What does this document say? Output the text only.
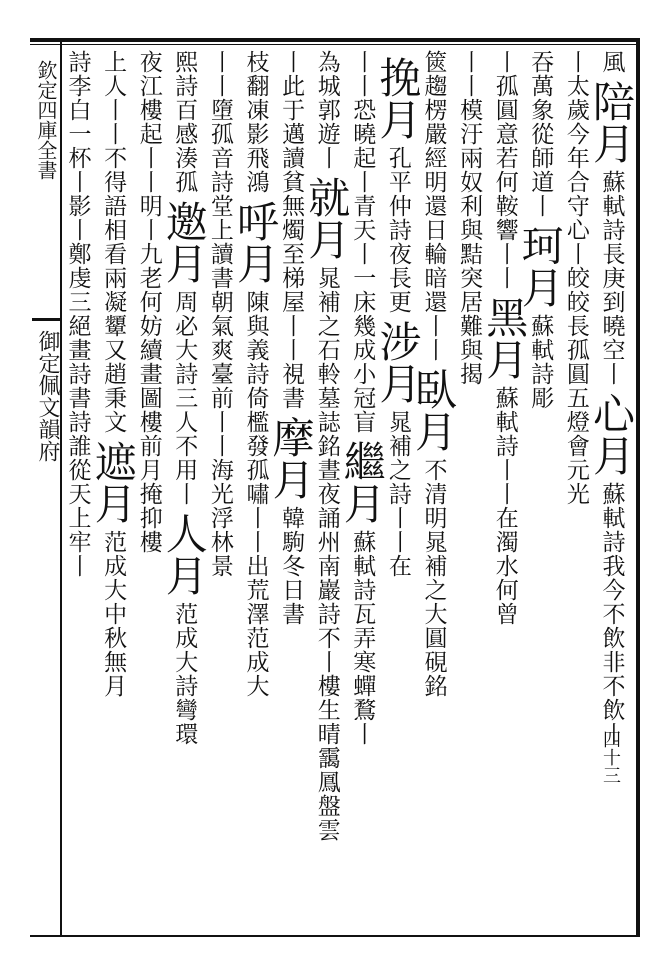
欽定四庫全書
御定佩文韻府
四十三
風
陪月
蘇軾詩長庚到曉空丨
心月
蘇軾詩我今不飲非不飲丨
丨太歲今年合守心
丨皎皎長孤圓五燈會元光
吞萬象從師道丨
珂月
蘇軾詩彫
丨孤圓意若何
鞍響丨丨
黑月
蘇軾詩丨丨在濁水何曾
丨丨模汙兩奴利與黠突居難與揭
篋趨楞嚴經明還日輪暗還丨丨
臥月
不清明晁補之大圓硯銘
挽月
孔平仲詩夜長更
涉月
晁補之詩丨丨在
丨丨恐曉起丨青天丨
一床幾成小冠盲
繼月
蘇軾詩瓦弄寒蟬鶩丨
為城郭遊丨
就月
晁補之石軨墓誌銘晝夜誦
州南巖詩不
丨樓生晴靄鳳盤雲
丨此于邁
讀貧無燭至梯屋丨丨視書
摩月
韓駒冬日書
枝翻凍影飛鴻
呼月
陳與義詩倚檻發孤嘯丨丨出荒澤范成大
丨丨墮孤音
詩堂上讀書朝氣爽臺前丨丨海光浮林景
熙詩百感湊孤
邀月
周必大詩三人不用丨
人月
范成大詩彎環
夜江樓起丨丨
明丨九老何妨續畫圖
樓前月掩抑樓
上人丨丨不得語相看兩凝顰又趙秉文
遮月
范成大中秋無月
詩李白一杯丨影丨鄭虔三絕畫詩書
詩誰從天上牢丨
